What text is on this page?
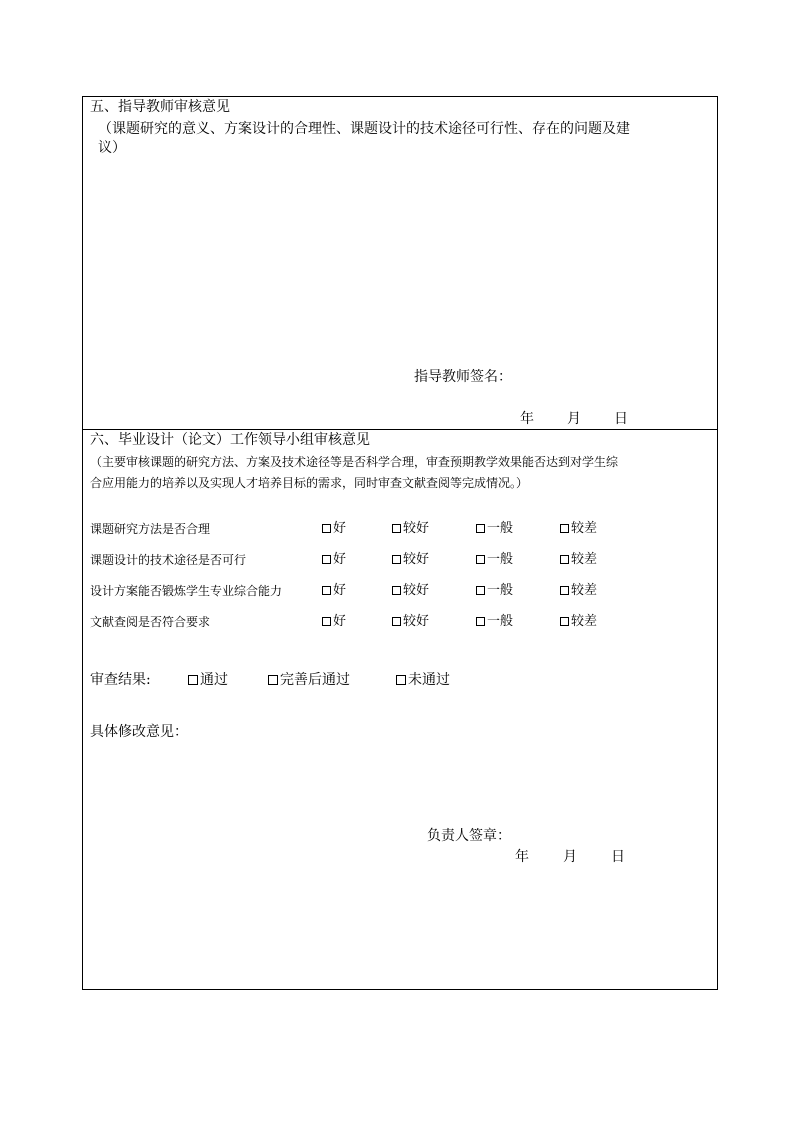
五、指导教师审核意见
（课题研究的意义、方案设计的合理性、课题设计的技术途径可行性、存在的问题及建
议）
指导教师签名：
年 月 日
六、毕业设计（论文）工作领导小组审核意见
（主要审核课题的研究方法、方案及技术途径等是否科学合理，审查预期教学效果能否达到对学生综
合应用能力的培养以及实现人才培养目标的需求，同时审查文献查阅等完成情况。）
课题研究方法是否合理	好	较好	一般	较差
课题设计的技术途径是否可行	好	较好	一般	较差
设计方案能否锻炼学生专业综合能力	好	较好	一般	较差
文献查阅是否符合要求	好	较好	一般	较差
审查结果:	通过	完善后通过	未通过
具体修改意见：
负责人签章：
年 月 日
